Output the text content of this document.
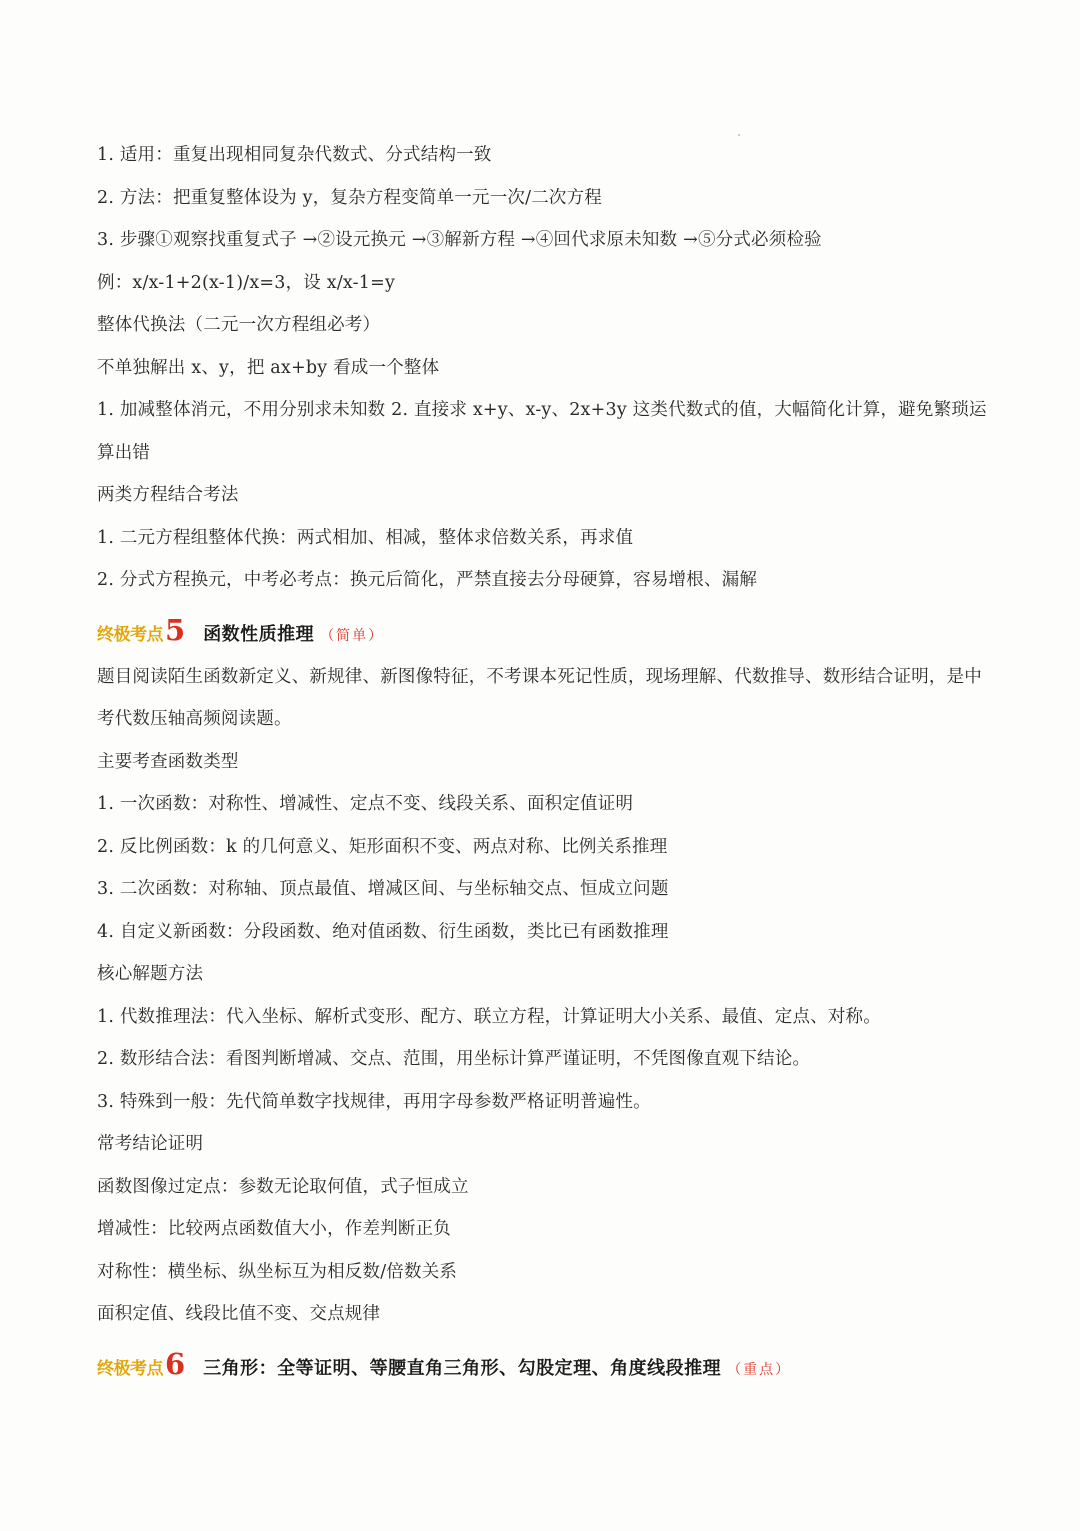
1. 适用：重复出现相同复杂代数式、分式结构一致
2. 方法：把重复整体设为 y，复杂方程变简单一元一次/二次方程
3. 步骤①观察找重复式子 →②设元换元 →③解新方程 →④回代求原未知数 →⑤分式必须检验
例：x/x-1+2(x-1)/x=3，设 x/x-1=y
整体代换法（二元一次方程组必考）
不单独解出 x、y，把 ax+by 看成一个整体
1. 加减整体消元，不用分别求未知数 2. 直接求 x+y、x-y、2x+3y 这类代数式的值，大幅简化计算，避免繁琐运算出错
两类方程结合考法
1. 二元方程组整体代换：两式相加、相减，整体求倍数关系，再求值
2. 分式方程换元，中考必考点：换元后简化，严禁直接去分母硬算，容易增根、漏解
终极考点 5 函数性质推理 （简单）
题目阅读陌生函数新定义、新规律、新图像特征，不考课本死记性质，现场理解、代数推导、数形结合证明，是中考代数压轴高频阅读题。
主要考查函数类型
1. 一次函数：对称性、增减性、定点不变、线段关系、面积定值证明
2. 反比例函数：k 的几何意义、矩形面积不变、两点对称、比例关系推理
3. 二次函数：对称轴、顶点最值、增减区间、与坐标轴交点、恒成立问题
4. 自定义新函数：分段函数、绝对值函数、衍生函数，类比已有函数推理
核心解题方法
1. 代数推理法：代入坐标、解析式变形、配方、联立方程，计算证明大小关系、最值、定点、对称。
2. 数形结合法：看图判断增减、交点、范围，用坐标计算严谨证明，不凭图像直观下结论。
3. 特殊到一般：先代简单数字找规律，再用字母参数严格证明普遍性。
常考结论证明
函数图像过定点：参数无论取何值，式子恒成立
增减性：比较两点函数值大小，作差判断正负
对称性：横坐标、纵坐标互为相反数/倍数关系
面积定值、线段比值不变、交点规律
终极考点 6 三角形：全等证明、等腰直角三角形、勾股定理、角度线段推理 （重点）
